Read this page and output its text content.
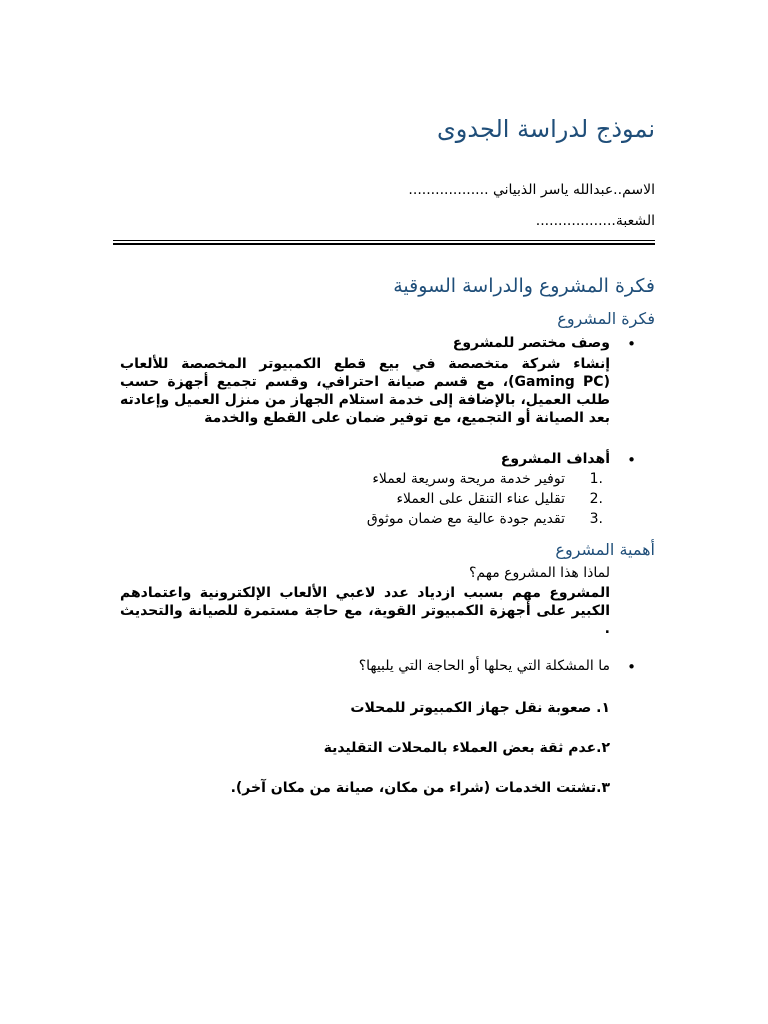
نموذج لدراسة الجدوى
الاسم..عبدالله ياسر الذبياني ..................
الشعبة..................
فكرة المشروع والدراسة السوقية
فكرة المشروع
•
وصف مختصر للمشروع
إنشاء شركة متخصصة في بيع قطع الكمبيوتر المخصصة للألعاب (Gaming PC)، مع قسم صيانة احترافي، وقسم تجميع أجهزة حسب طلب العميل، بالإضافة إلى خدمة استلام الجهاز من منزل العميل وإعادته بعد الصيانة أو التجميع، مع توفير ضمان على القطع والخدمة
•
أهداف المشروع
1.
توفير خدمة مريحة وسريعة لعملاء
2.
تقليل عناء التنقل على العملاء
3.
تقديم جودة عالية مع ضمان موثوق
أهمية المشروع
لماذا هذا المشروع مهم؟
المشروع مهم بسبب ازدياد عدد لاعبي الألعاب الإلكترونية واعتمادهم الكبير على أجهزة الكمبيوتر القوية، مع حاجة مستمرة للصيانة والتحديث .
•
ما المشكلة التي يحلها أو الحاجة التي يلبيها؟
١. صعوبة نقل جهاز الكمبيوتر للمحلات
٢.عدم ثقة بعض العملاء بالمحلات التقليدية
٣.تشتت الخدمات (شراء من مكان، صيانة من مكان آخر).
